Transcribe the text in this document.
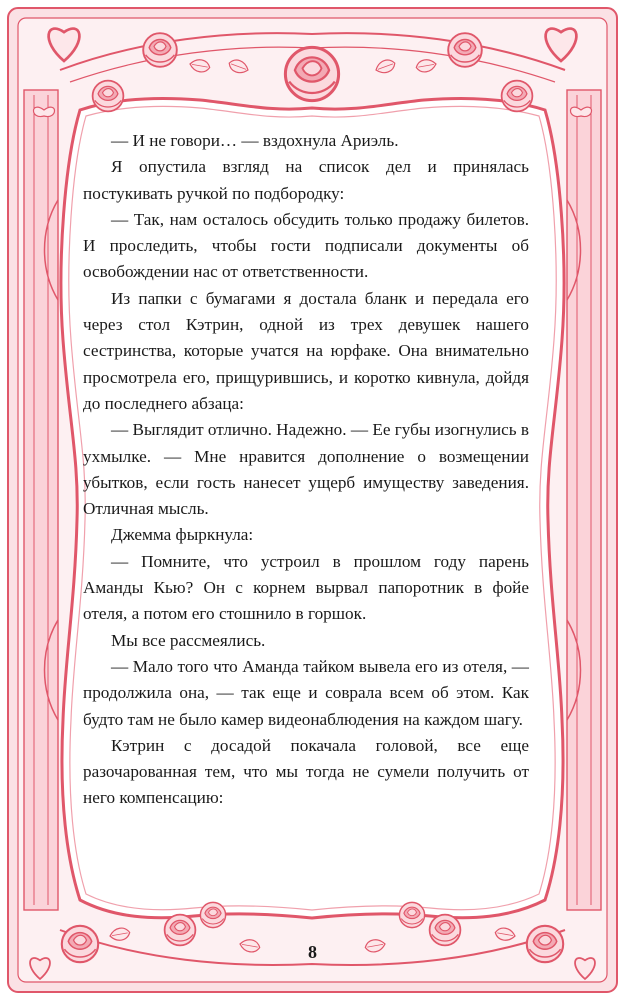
— И не говори… — вздохнула Ариэль.

Я опустила взгляд на список дел и принялась постукивать ручкой по подбородку:

— Так, нам осталось обсудить только продажу билетов. И проследить, чтобы гости подписали документы об освобождении нас от ответственности.

Из папки с бумагами я достала бланк и передала его через стол Кэтрин, одной из трех девушек нашего сестринства, которые учатся на юрфаке. Она внимательно просмотрела его, прищурившись, и коротко кивнула, дойдя до последнего абзаца:

— Выглядит отлично. Надежно. — Ее губы изогнулись в ухмылке. — Мне нравится дополнение о возмещении убытков, если гость нанесет ущерб имуществу заведения. Отличная мысль.

Джемма фыркнула:

— Помните, что устроил в прошлом году парень Аманды Кью? Он с корнем вырвал папоротник в фойе отеля, а потом его стошнило в горшок.

Мы все рассмеялись.

— Мало того что Аманда тайком вывела его из отеля, — продолжила она, — так еще и соврала всем об этом. Как будто там не было камер видеонаблюдения на каждом шагу.

Кэтрин с досадой покачала головой, все еще разочарованная тем, что мы тогда не сумели получить от него компенсацию:

8
